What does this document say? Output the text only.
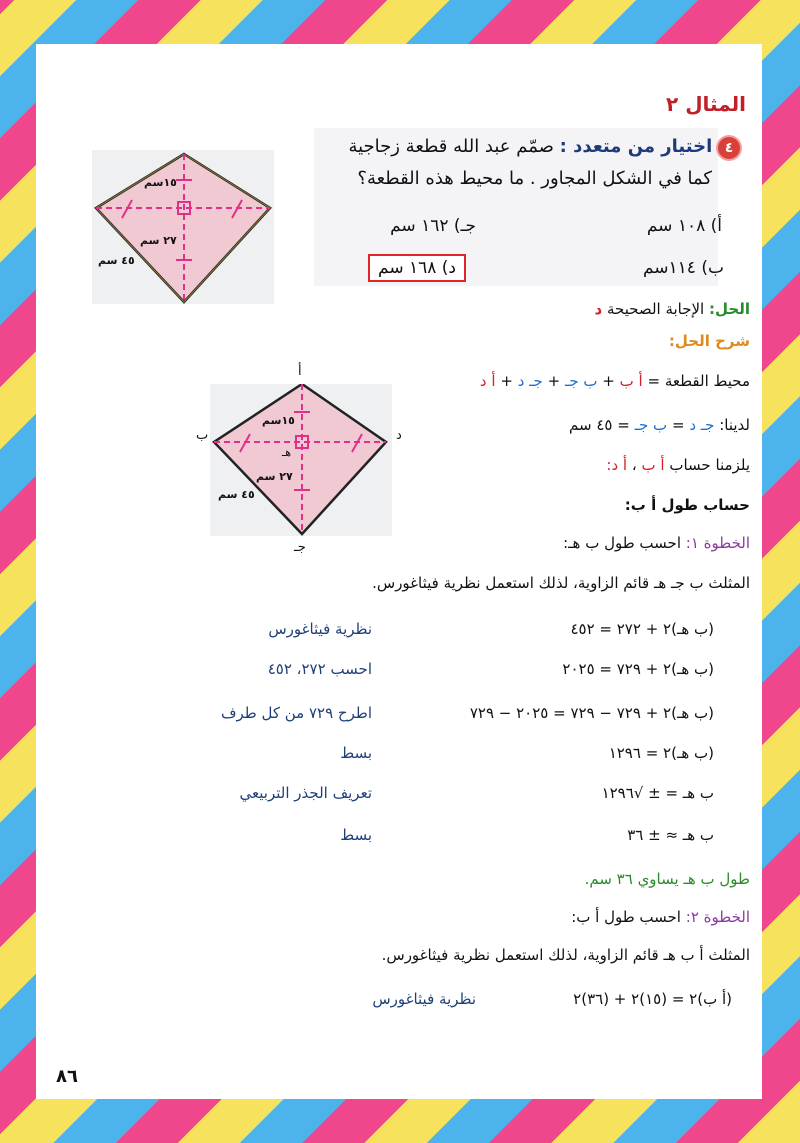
المثال ٢
٤ اختيار من متعدد : صمّم عبد الله قطعة زجاجية
كما في الشكل المجاور . ما محيط هذه القطعة؟
أ) ١٠٨ سم
جـ) ١٦٢ سم
ب) ١١٤سم
د) ١٦٨ سم
١٥سم
٢٧ سم
٤٥ سم
الحل: الإجابة الصحيحة د
شرح الحل:
١٥سم
هـ
٢٧ سم
٤٥ سم
أ
ب	د
جـ
محيط القطعة = أ ب + ب جـ + جـ د + أ د
لدينا: جـ د = ب جـ = ٤٥ سم
يلزمنا حساب أ ب ، أ د:
حساب طول أ ب:
الخطوة ١: احسب طول ب هـ:
المثلث ب جـ هـ قائم الزاوية، لذلك استعمل نظرية فيثاغورس.
(ب هـ)٢ + ٢٧٢ = ٤٥٢
نظرية فيثاغورس
(ب هـ)٢ + ٧٢٩ = ٢٠٢٥
احسب ٢٧٢، ٤٥٢
(ب هـ)٢ + ٧٢٩ − ٧٢٩ = ٢٠٢٥ − ٧٢٩
اطرح ٧٢٩ من كل طرف
(ب هـ)٢ = ١٢٩٦
بسط
ب هـ = ± √١٢٩٦
تعريف الجذر التربيعي
ب هـ ≈ ± ٣٦
بسط
طول ب هـ يساوي ٣٦ سم.
الخطوة ٢: احسب طول أ ب:
المثلث أ ب هـ قائم الزاوية، لذلك استعمل نظرية فيثاغورس.
(أ ب)٢ = (١٥)٢ + (٣٦)٢
نظرية فيثاغورس
٨٦
